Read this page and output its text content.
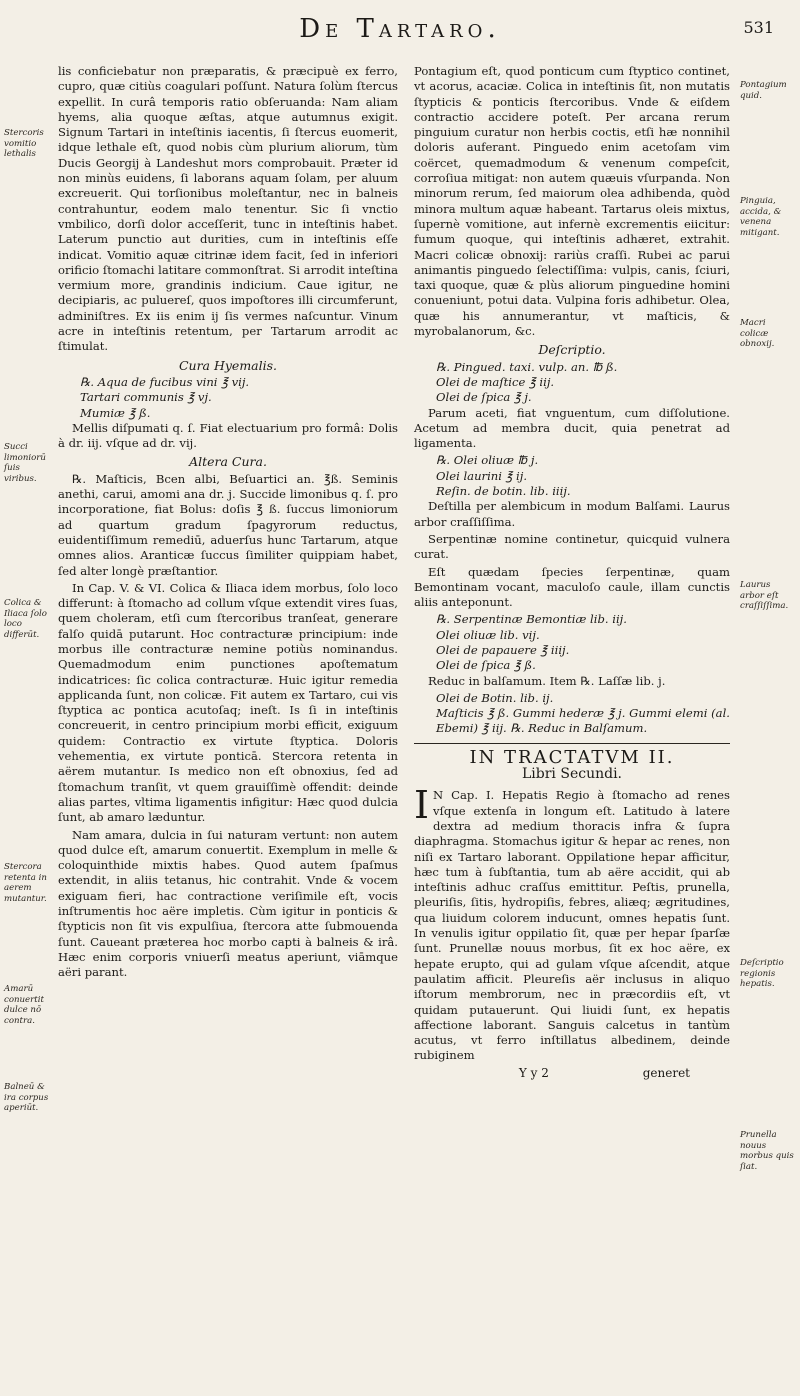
De Tartaro.	531
Stercoris vomitio lethalis
Succi limoniorū ſuis viribus.
Colica & Iliaca ſolo loco differūt.
Stercora retenta in aerem mutantur.
Amarū conuertit dulce nō contra.
Balneū & ira corpus aperiūt.
Pontagium quid.
Pinguia, accida, & venena mitigant.
Macri colicæ obnoxij.
Laurus arbor eſt craſſiſſima.
Deſcriptio regionis hepatis.
Prunella nouus morbus quis ſiat.

lis conficiebatur non præparatis, & præcipuè ex ferro, cupro, quæ citiùs coagulari poſſunt. Natura ſolùm ſtercus expellit. In curâ temporis ratio obſeruanda: Nam aliam hyems, alia quoque æſtas, atque autumnus exigit. Signum Tartari in inteſtinis iacentis, ſi ſtercus euomerit, idque lethale eſt, quod nobis cùm plurium aliorum, tùm Ducis Georgij à Landeshut mors comprobauit. Præter id non minùs euidens, ſi laborans aquam ſolam, per aluum excreuerit. Qui torſionibus moleſtantur, nec in balneis contrahuntur, eodem malo tenentur. Sic ſi vnctio vmbilico, dorſi dolor acceſſerit, tunc in inteſtinis habet. Laterum punctio aut durities, cum in inteſtinis eſſe indicat. Vomitio aquæ citrinæ idem facit, ſed in inferiori orificio ſtomachi latitare commonſtrat. Si arrodit inteſtina vermium more, grandinis indicium. Caue igitur, ne decipiaris, ac puluereſ, quos impoſtores illi circumferunt, adminiſtres. Ex iis enim ij ſis vermes naſcuntur. Vinum acre in inteſtinis retentum, per Tartarum arrodit ac ſtimulat.

Cura Hyemalis.
℞. Aqua de fucibus vini ℥ vij.
Tartari communis ℥ vj.
Mumiæ ℥ ß.

Mellis diſpumati q. ſ. Fiat electuarium pro formâ: Dolis à dr. iij. vſque ad dr. vij.

Altera Cura.

℞. Maſticis, Bcen albi, Beſuartici an. ℥ß. Seminis anethi, carui, amomi ana dr. j. Succide limonibus q. ſ. pro incorporatione, fiat Bolus: doſis ℥ ß. ſuccus limoniorum ad quartum gradum ſpagyrorum reductus, euidentiſſimum remediū, aduerſus hunc Tartarum, atque omnes alios. Aranticæ ſuccus ſimiliter quippiam habet, ſed alter longè præſtantior.

In Cap. V. & VI. Colica & Iliaca idem morbus, ſolo loco differunt: à ſtomacho ad collum vſque extendit vires ſuas, quem choleram, etſi cum ſtercoribus tranſeat, generare falſo quidā putarunt. Hoc contracturæ principium: inde morbus ille contracturæ nemine potiùs nominandus. Quemadmodum enim punctiones apoſtematum indicatrices: ſic colica contracturæ. Huic igitur remedia applicanda ſunt, non colicæ. Fit autem ex Tartaro, cui vis ſtyptica ac pontica acutoſaq; ineſt. Is ſi in inteſtinis concreuerit, in centro principium morbi efficit, exiguum quidem: Contractio ex virtute ſtyptica. Doloris vehementia, ex virtute ponticā. Stercora retenta in aërem mutantur. Is medico non eſt obnoxius, ſed ad ſtomachum tranſit, vt quem grauiſſimè offendit: deinde alias partes, vltima ligamentis infigitur: Hæc quod dulcia ſunt, ab amaro læduntur.

Nam amara, dulcia in ſui naturam vertunt: non autem quod dulce eſt, amarum conuertit. Exemplum in melle & coloquinthide mixtis habes. Quod autem ſpaſmus extendit, in aliis tetanus, hic contrahit. Vnde & vocem exiguam fieri, hac contractione veriſimile eſt, vocis inſtrumentis hoc aëre impletis. Cùm igitur in ponticis & ſtypticis non ſit vis expulſiua, ſtercora atte ſubmouenda ſunt. Caueant præterea hoc morbo capti à balneis & irâ. Hæc enim corporis vniuerſi meatus aperiunt, viāmque aëri parant.

Pontagium eſt, quod ponticum cum ſtyptico continet, vt acorus, acaciæ. Colica in inteſtinis ſit, non mutatis ſtypticis & ponticis ſtercoribus. Vnde & eiſdem contractio accidere poteſt. Per arcana rerum pinguium curatur non herbis coctis, etſi hæ nonnihil doloris auferant. Pinguedo enim acetoſam vim coërcet, quemadmodum & venenum compeſcit, corroſiua mitigat: non autem quæuis vſurpanda. Non minorum rerum, ſed maiorum olea adhibenda, quòd minora multum aquæ habeant. Tartarus oleis mixtus, ſupernè vomitione, aut infernè excrementis eiicitur: fumum quoque, qui inteſtinis adhæret, extrahit. Macri colicæ obnoxij: rariùs craſſi. Rubei ac parui animantis pinguedo ſelectiſſima: vulpis, canis, ſciuri, taxi quoque, quæ & plùs aliorum pinguedine homini conueniunt, potui data. Vulpina foris adhibetur. Olea, quæ his annumerantur, vt maſticis, & myrobalanorum, &c.

Deſcriptio.
℞. Pingued. taxi. vulp. an. ℔ ß.
Olei de maſtice ℥ iij.
Olei de ſpica ℥ j.

Parum aceti, fiat vnguentum, cum diſſolutione. Acetum ad membra ducit, quia penetrat ad ligamenta.

℞. Olei oliuæ ℔ j.
Olei laurini ℥ ij.
Reſin. de botin. lib. iiij.

Deſtilla per alembicum in modum Balſami. Laurus arbor craſſiſſima.

Serpentinæ nomine continetur, quicquid vulnera curat.

Eſt quædam ſpecies ſerpentinæ, quam Bemontinam vocant, maculoſo caule, illam cunctis aliis anteponunt.

℞. Serpentinæ Bemontiæ lib. iij.
Olei oliuæ lib. vij.
Olei de papauere ℥ iiij.
Olei de ſpica ℥ ß.

Reduc in balſamum. Item ℞. Laſſæ lib. j.

Olei de Botin. lib. ij.
Maſticis ℥ ß. Gummi hederæ ℥ j. Gummi elemi (al. Ebemi) ℥ iij. ℞. Reduc in Balſamum.
IN TRACTATVM II.
Libri Secundi.

I N Cap. I. Hepatis Regio à ſtomacho ad renes vſque extenſa in longum eſt. Latitudo à latere dextra ad medium thoracis infra & ſupra diaphragma. Stomachus igitur & hepar ac renes, non niſi ex Tartaro laborant. Oppilatione hepar afficitur, hæc tum à ſubſtantia, tum ab aëre accidit, qui ab inteſtinis adhuc craſſus emittitur. Peſtis, prunella, pleuriſis, ſitis, hydropiſis, febres, aliæq; ægritudines, qua liuidum colorem inducunt, omnes hepatis ſunt. In venulis igitur oppilatio ſit, quæ per hepar ſparſæ ſunt. Prunellæ nouus morbus, ſit ex hoc aëre, ex hepate erupto, qui ad gulam vſque aſcendit, atque paulatim afficit. Pleureſis aër inclusus in aliquo iſtorum membrorum, nec in præcordiis eſt, vt quidam putauerunt. Qui liuidi ſunt, ex hepatis affectione laborant. Sanguis calcetus in tantùm acutus, vt ferro inſtillatus albedinem, deinde rubiginem

Y y 2	generet
